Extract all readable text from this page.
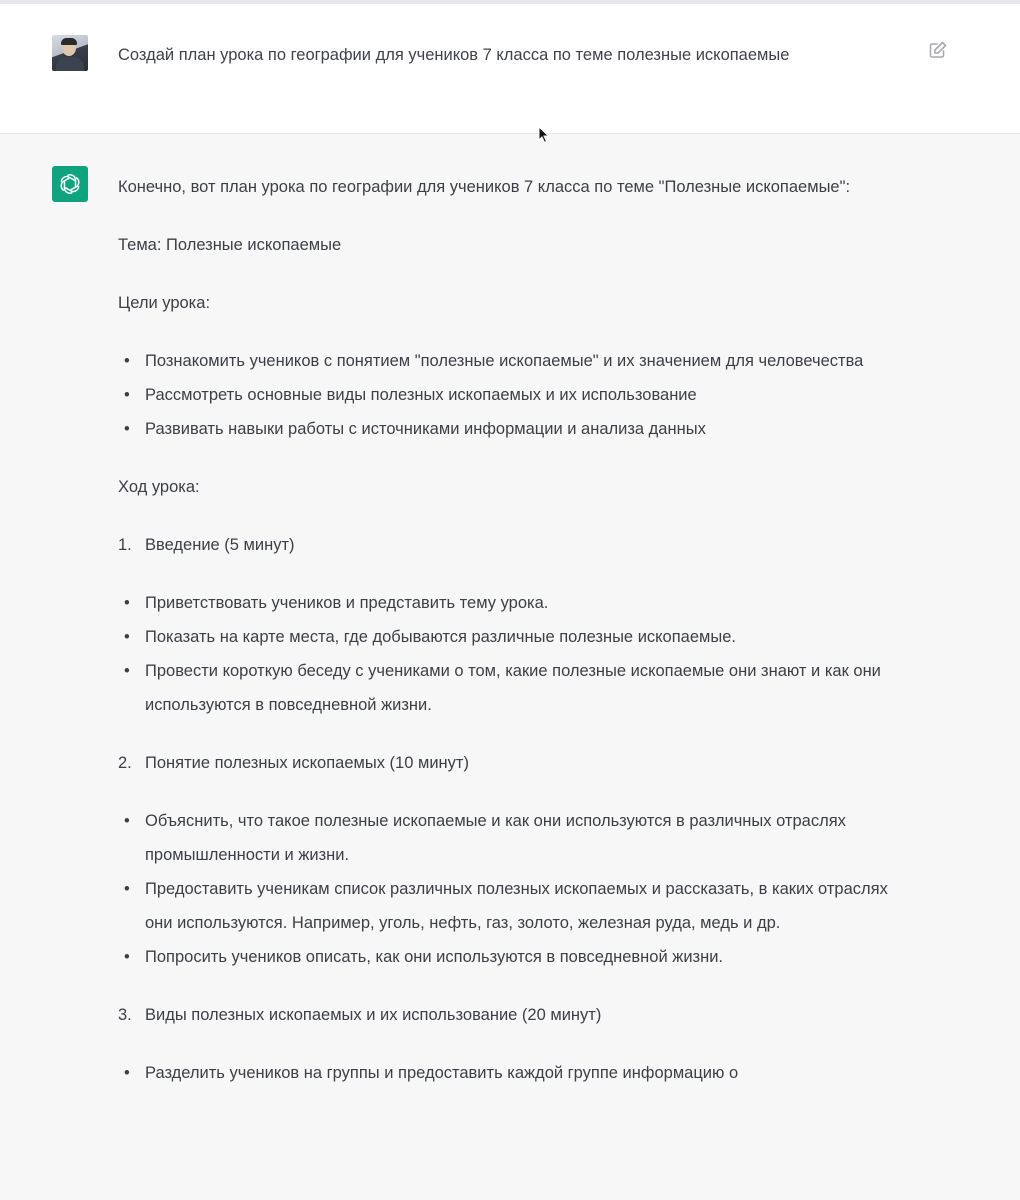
Создай план урока по географии для учеников 7 класса по теме полезные ископаемые

Конечно, вот план урока по географии для учеников 7 класса по теме "Полезные ископаемые":

Тема: Полезные ископаемые

Цели урока:

• Познакомить учеников с понятием "полезные ископаемые" и их значением для человечества
• Рассмотреть основные виды полезных ископаемых и их использование
• Развивать навыки работы с источниками информации и анализа данных

Ход урока:

1. Введение (5 минут)
• Приветствовать учеников и представить тему урока.
• Показать на карте места, где добываются различные полезные ископаемые.
• Провести короткую беседу с учениками о том, какие полезные ископаемые они знают и как они используются в повседневной жизни.
2. Понятие полезных ископаемых (10 минут)
• Объяснить, что такое полезные ископаемые и как они используются в различных отраслях промышленности и жизни.
• Предоставить ученикам список различных полезных ископаемых и рассказать, в каких отраслях они используются. Например, уголь, нефть, газ, золото, железная руда, медь и др.
• Попросить учеников описать, как они используются в повседневной жизни.
3. Виды полезных ископаемых и их использование (20 минут)
• Разделить учеников на группы и предоставить каждой группе информацию о
